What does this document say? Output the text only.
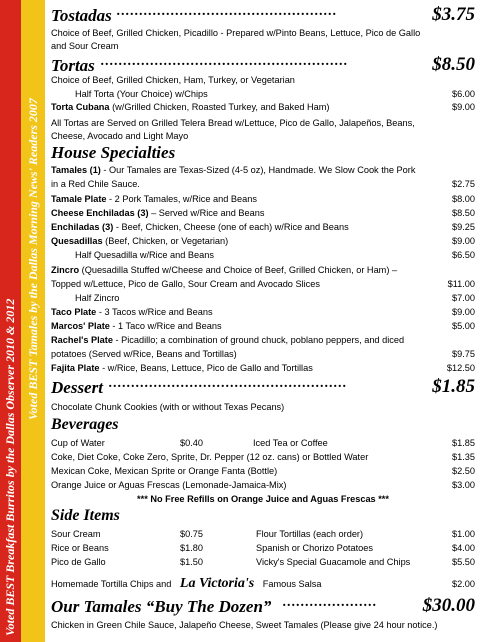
Voted BEST Breakfast Burritos by the Dallas Observer 2010 & 2012
Voted BEST Tamales by the Dallas Morning News' Readers 2007
Tostadas .................................................	$3.75
Choice of Beef, Grilled Chicken, Picadillo - Prepared w/Pinto Beans, Lettuce, Pico de Gallo
and Sour Cream
Tortas .......................................................	$8.50
Choice of Beef, Grilled Chicken, Ham, Turkey, or Vegetarian
Half Torta (Your Choice) w/Chips	$6.00
Torta Cubana (w/Grilled Chicken, Roasted Turkey, and Baked Ham)	$9.00
All Tortas are Served on Grilled Telera Bread w/Lettuce, Pico de Gallo, Jalapeños, Beans,
Cheese, Avocado and Light Mayo
House Specialties
Tamales (1) - Our Tamales are Texas-Sized (4-5 oz), Handmade. We Slow Cook the Pork
in a Red Chile Sauce.	$2.75
Tamale Plate - 2 Pork Tamales, w/Rice and Beans	$8.00
Cheese Enchiladas (3) – Served w/Rice and Beans	$8.50
Enchiladas (3) - Beef, Chicken, Cheese (one of each) w/Rice and Beans	$9.25
Quesadillas (Beef, Chicken, or Vegetarian)	$9.00
Half Quesadilla w/Rice and Beans	$6.50
Zincro (Quesadilla Stuffed w/Cheese and Choice of Beef, Grilled Chicken, or Ham) –
Topped w/Lettuce, Pico de Gallo, Sour Cream and Avocado Slices	$11.00
Half Zincro	$7.00
Taco Plate - 3 Tacos w/Rice and Beans	$9.00
Marcos' Plate - 1 Taco w/Rice and Beans	$5.00
Rachel's Plate - Picadillo; a combination of ground chuck, poblano peppers, and diced
potatoes (Served w/Rice, Beans and Tortillas)	$9.75
Fajita Plate - w/Rice, Beans, Lettuce, Pico de Gallo and Tortillas	$12.50
Dessert .....................................................	$1.85
Chocolate Chunk Cookies (with or without Texas Pecans)
Beverages
Cup of Water	$0.40	Iced Tea or Coffee	$1.85
Coke, Diet Coke, Coke Zero, Sprite, Dr. Pepper (12 oz. cans) or Bottled Water	$1.35
Mexican Coke, Mexican Sprite or Orange Fanta (Bottle)	$2.50
Orange Juice or Aguas Frescas (Lemonade-Jamaica-Mix)	$3.00
*** No Free Refills on Orange Juice and Aguas Frescas ***
Side Items
Sour Cream	$0.75	Flour Tortillas (each order)	$1.00
Rice or Beans	$1.80	Spanish or Chorizo Potatoes	$4.00
Pico de Gallo	$1.50	Vicky's Special Guacamole and Chips	$5.50
Homemade Tortilla Chips and La Victoria's Famous Salsa	$2.00
Our Tamales “Buy The Dozen” ..................... $30.00
Chicken in Green Chile Sauce, Jalapeño Cheese, Sweet Tamales (Please give 24 hour notice.)
